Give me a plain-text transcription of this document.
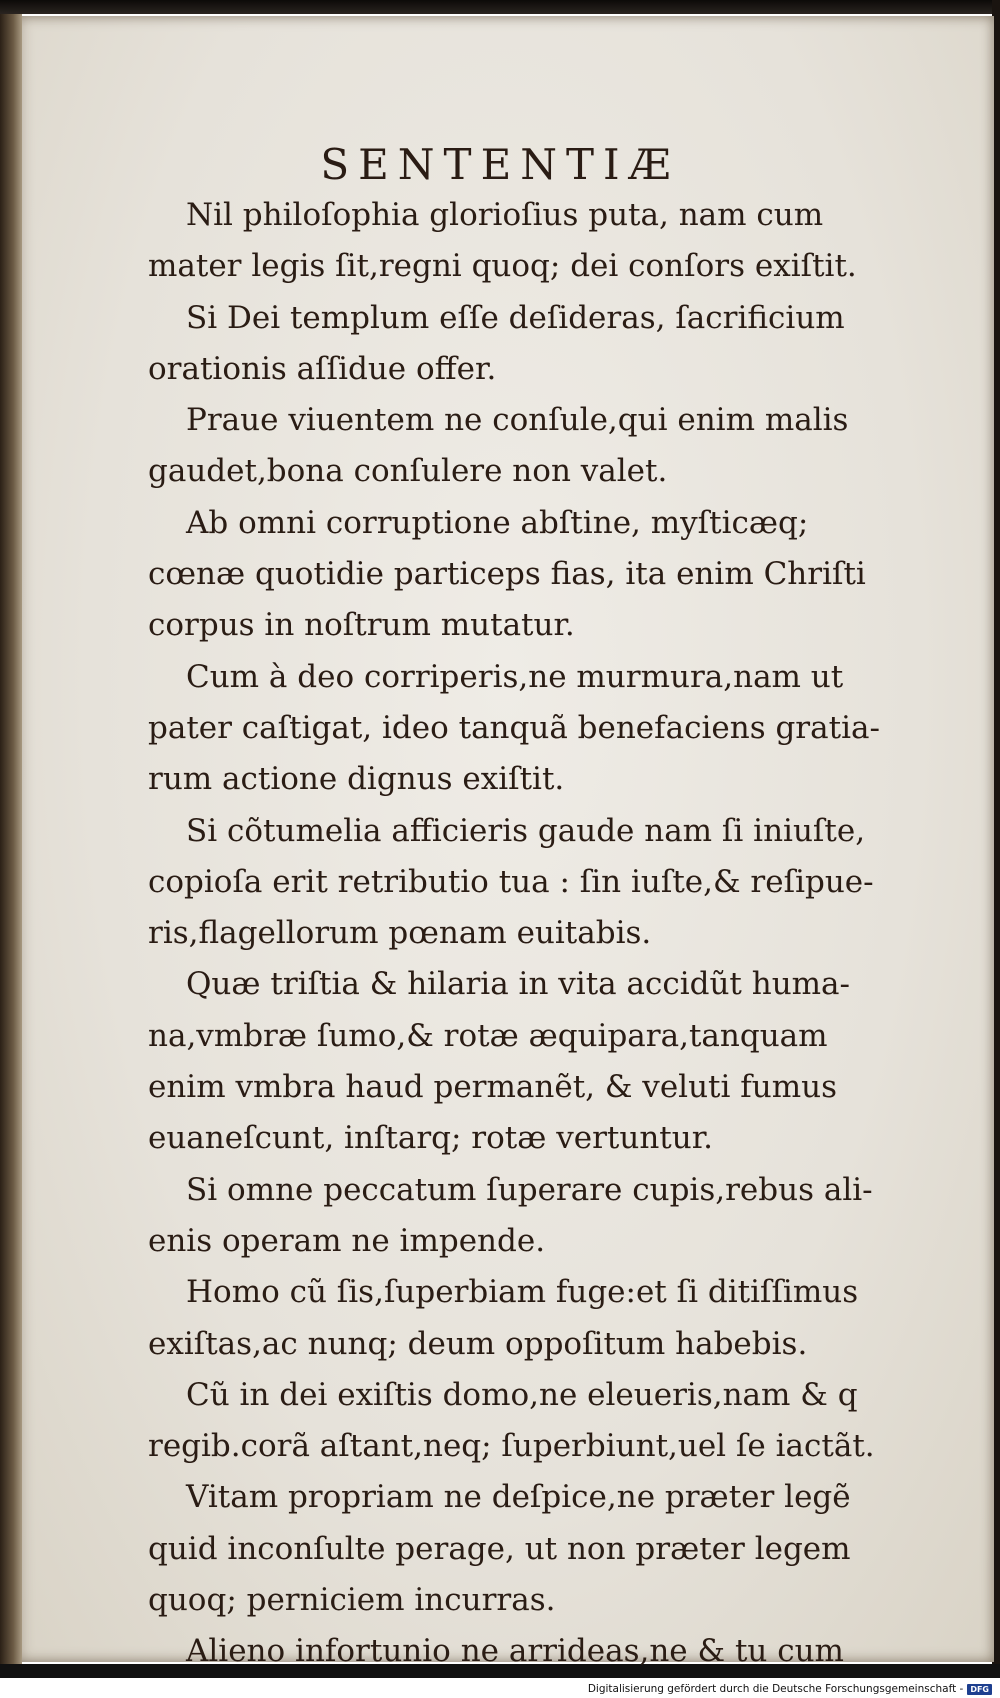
SENTENTIÆ
Nil philoſophia glorioſius puta, nam cum
mater legis ſit,regni quoq; dei conſors exiſtit.
Si Dei templum eſſe deſideras, ſacrificium
orationis aſſidue offer.
Praue viuentem ne conſule,qui enim malis
gaudet,bona conſulere non valet.
Ab omni corruptione abſtine, myſticæq;
cœnæ quotidie particeps fias, ita enim Chriſti
corpus in noſtrum mutatur.
Cum à deo corriperis,ne murmura,nam ut
pater caſtigat, ideo tanquã benefaciens gratia-
rum actione dignus exiſtit.
Si cõtumelia afficieris gaude nam ſi iniuſte,
copioſa erit retributio tua : ſin iuſte,& reſipue-
ris,flagellorum pœnam euitabis.
Quæ triſtia & hilaria in vita accidũt huma-
na,vmbræ ſumo,& rotæ æquipara,tanquam
enim vmbra haud permanẽt, & veluti fumus
euaneſcunt, inſtarq; rotæ vertuntur.
Si omne peccatum ſuperare cupis,rebus ali-
enis operam ne impende.
Homo cũ ſis,ſuperbiam fuge:et ſi ditiſſimus
exiſtas,ac nunq; deum oppoſitum habebis.
Cũ in dei exiſtis domo,ne eleueris,nam & q
regib.corã aſtant,neq; ſuperbiunt,uel ſe iactãt.
Vitam propriam ne deſpice,ne præter legẽ
quid inconſulte perage, ut non præter legem
quoq; perniciem incurras.
Alieno infortunio ne arrideas,ne & tu cum
Digitalisierung gefördert durch die Deutsche Forschungsgemeinschaft - DFG
